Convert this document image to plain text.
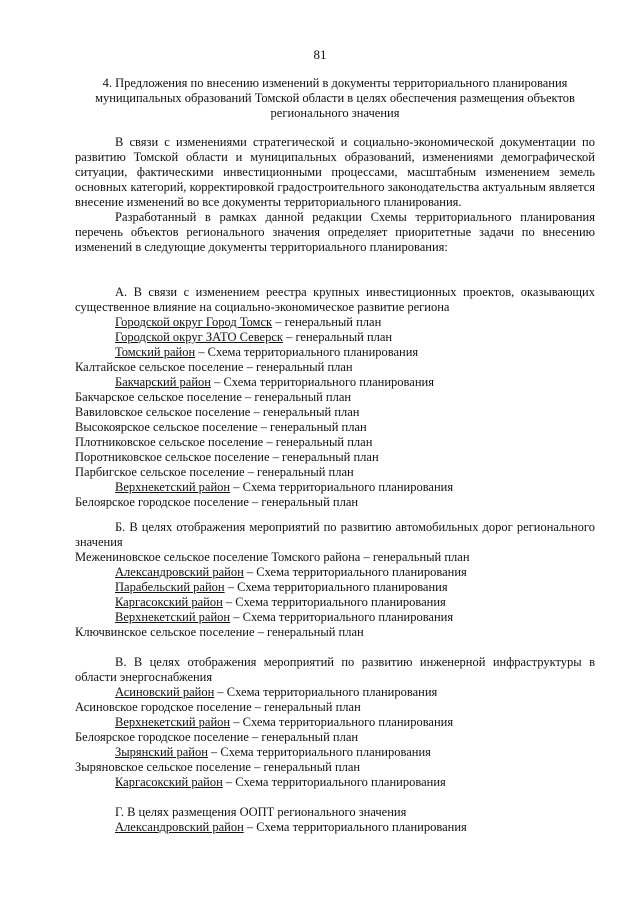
81
4. Предложения по внесению изменений в документы территориального планирования муниципальных образований Томской области в целях обеспечения размещения объектов регионального значения

В связи с изменениями стратегической и социально-экономической документации по развитию Томской области и муниципальных образований, изменениями демографической ситуации, фактическими инвестиционными процессами, масштабным изменением земель основных категорий, корректировкой градостроительного законодательства актуальным является внесение изменений во все документы территориального планирования.

Разработанный в рамках данной редакции Схемы территориального планирования перечень объектов регионального значения определяет приоритетные задачи по внесению изменений в следующие документы территориального планирования:

А. В связи с изменением реестра крупных инвестиционных проектов, оказывающих существенное влияние на социально-экономическое развитие региона

Городской округ Город Томск – генеральный план
Городской округ ЗАТО Северск – генеральный план
Томский район – Схема территориального планирования
Калтайское сельское поселение – генеральный план
Бакчарский район – Схема территориального планирования
Бакчарское сельское поселение – генеральный план
Вавиловское сельское поселение – генеральный план
Высокоярское сельское поселение – генеральный план
Плотниковское сельское поселение – генеральный план
Поротниковское сельское поселение – генеральный план
Парбигское сельское поселение – генеральный план
Верхнекетский район – Схема территориального планирования
Белоярское городское поселение – генеральный план

Б. В целях отображения мероприятий по развитию автомобильных дорог регионального значения

Межениновское сельское поселение Томского района – генеральный план
Александровский район – Схема территориального планирования
Парабельский район – Схема территориального планирования
Каргасокский район – Схема территориального планирования
Верхнекетский район – Схема территориального планирования
Ключвинское сельское поселение – генеральный план

В. В целях отображения мероприятий по развитию инженерной инфраструктуры в области энергоснабжения

Асиновский район – Схема территориального планирования
Асиновское городское поселение – генеральный план
Верхнекетский район – Схема территориального планирования
Белоярское городское поселение – генеральный план
Зырянский район – Схема территориального планирования
Зыряновское сельское поселение – генеральный план
Каргасокский район – Схема территориального планирования

Г. В целях размещения ООПТ регионального значения

Александровский район – Схема территориального планирования
